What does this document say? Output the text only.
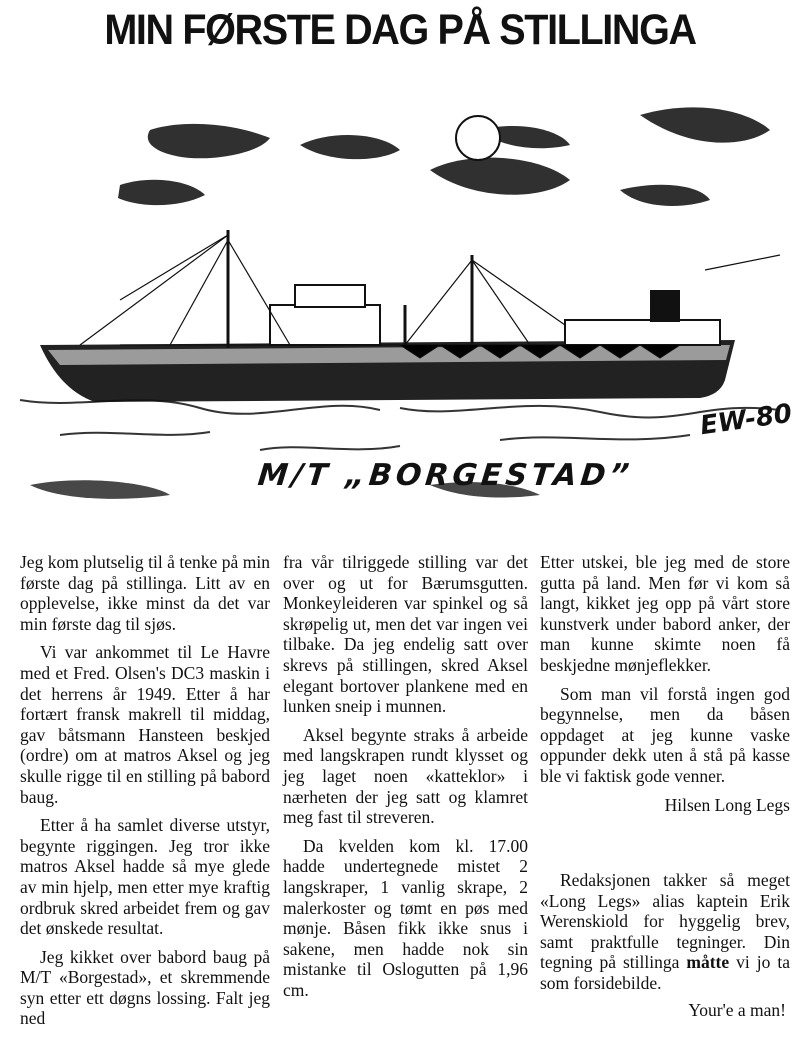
MIN FØRSTE DAG PÅ STILLINGA
EW-80
M/T „BORGESTAD”

Jeg kom plutselig til å tenke på min første dag på stillinga. Litt av en opplevelse, ikke minst da det var min første dag til sjøs.

Vi var ankommet til Le Havre med et Fred. Olsen's DC3 maskin i det herrens år 1949. Etter å har fortært fransk makrell til middag, gav båtsmann Hansteen beskjed (ordre) om at matros Aksel og jeg skulle rigge til en stilling på babord baug.

Etter å ha samlet diverse utstyr, begynte riggingen. Jeg tror ikke matros Aksel hadde så mye glede av min hjelp, men etter mye kraftig ordbruk skred arbeidet frem og gav det ønskede resultat.

Jeg kikket over babord baug på M/T «Borgestad», et skremmende syn etter ett døgns lossing. Falt jeg ned

fra vår tilriggede stilling var det over og ut for Bærumsgutten. Monkeyleideren var spinkel og så skrøpelig ut, men det var ingen vei tilbake. Da jeg endelig satt over skrevs på stillingen, skred Aksel elegant bortover plankene med en lunken sneip i munnen.

Aksel begynte straks å arbeide med langskrapen rundt klysset og jeg laget noen «katteklor» i nærheten der jeg satt og klamret meg fast til streveren.

Da kvelden kom kl. 17.00 hadde undertegnede mistet 2 langskraper, 1 vanlig skrape, 2 malerkoster og tømt en pøs med mønje. Båsen fikk ikke snus i sakene, men hadde nok sin mistanke til Oslogutten på 1,96 cm.

Etter utskei, ble jeg med de store gutta på land. Men før vi kom så langt, kikket jeg opp på vårt store kunstverk under babord anker, der man kunne skimte noen få beskjedne mønjeflekker.

Som man vil forstå ingen god begynnelse, men da båsen oppdaget at jeg kunne vaske oppunder dekk uten å stå på kasse ble vi faktisk gode venner.

Hilsen Long Legs

Redaksjonen takker så meget «Long Legs» alias kaptein Erik Werenskiold for hyggelig brev, samt praktfulle tegninger. Din tegning på stillinga måtte vi jo ta som forsidebilde.

Your'e a man!
